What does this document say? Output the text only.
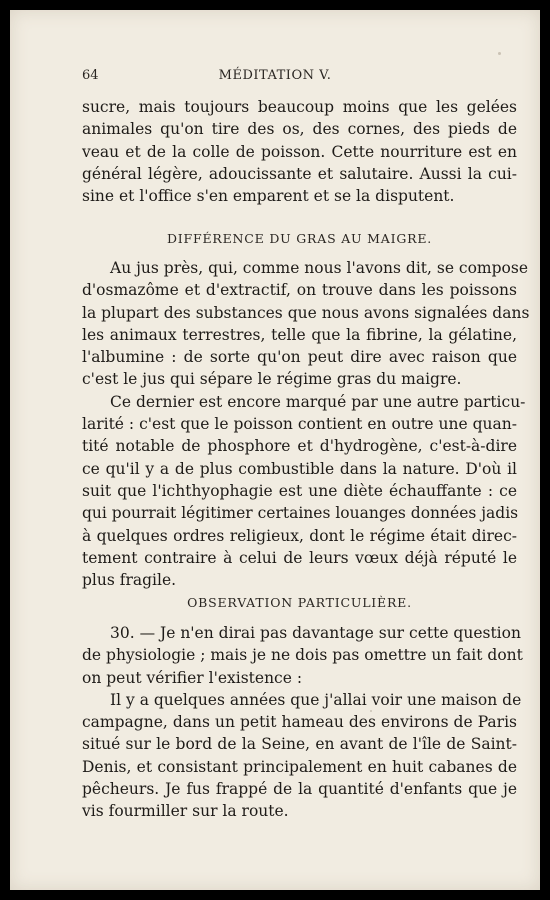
64	MÉDITATION V.
sucre, mais toujours beaucoup moins que les gelées
animales qu'on tire des os, des cornes, des pieds de
veau et de la colle de poisson. Cette nourriture est en
général légère, adoucissante et salutaire. Aussi la cui-
sine et l'office s'en emparent et se la disputent.
DIFFÉRENCE DU GRAS AU MAIGRE.
Au jus près, qui, comme nous l'avons dit, se compose
d'osmazôme et d'extractif, on trouve dans les poissons
la plupart des substances que nous avons signalées dans
les animaux terrestres, telle que la fibrine, la gélatine,
l'albumine : de sorte qu'on peut dire avec raison que
c'est le jus qui sépare le régime gras du maigre.
Ce dernier est encore marqué par une autre particu-
larité : c'est que le poisson contient en outre une quan-
tité notable de phosphore et d'hydrogène, c'est-à-dire
ce qu'il y a de plus combustible dans la nature. D'où il
suit que l'ichthyophagie est une diète échauffante : ce
qui pourrait légitimer certaines louanges données jadis
à quelques ordres religieux, dont le régime était direc-
tement contraire à celui de leurs vœux déjà réputé le
plus fragile.
OBSERVATION PARTICULIÈRE.
30. — Je n'en dirai pas davantage sur cette question
de physiologie ; mais je ne dois pas omettre un fait dont
on peut vérifier l'existence :
Il y a quelques années que j'allai voir une maison de
campagne, dans un petit hameau des environs de Paris
situé sur le bord de la Seine, en avant de l'île de Saint-
Denis, et consistant principalement en huit cabanes de
pêcheurs. Je fus frappé de la quantité d'enfants que je
vis fourmiller sur la route.
